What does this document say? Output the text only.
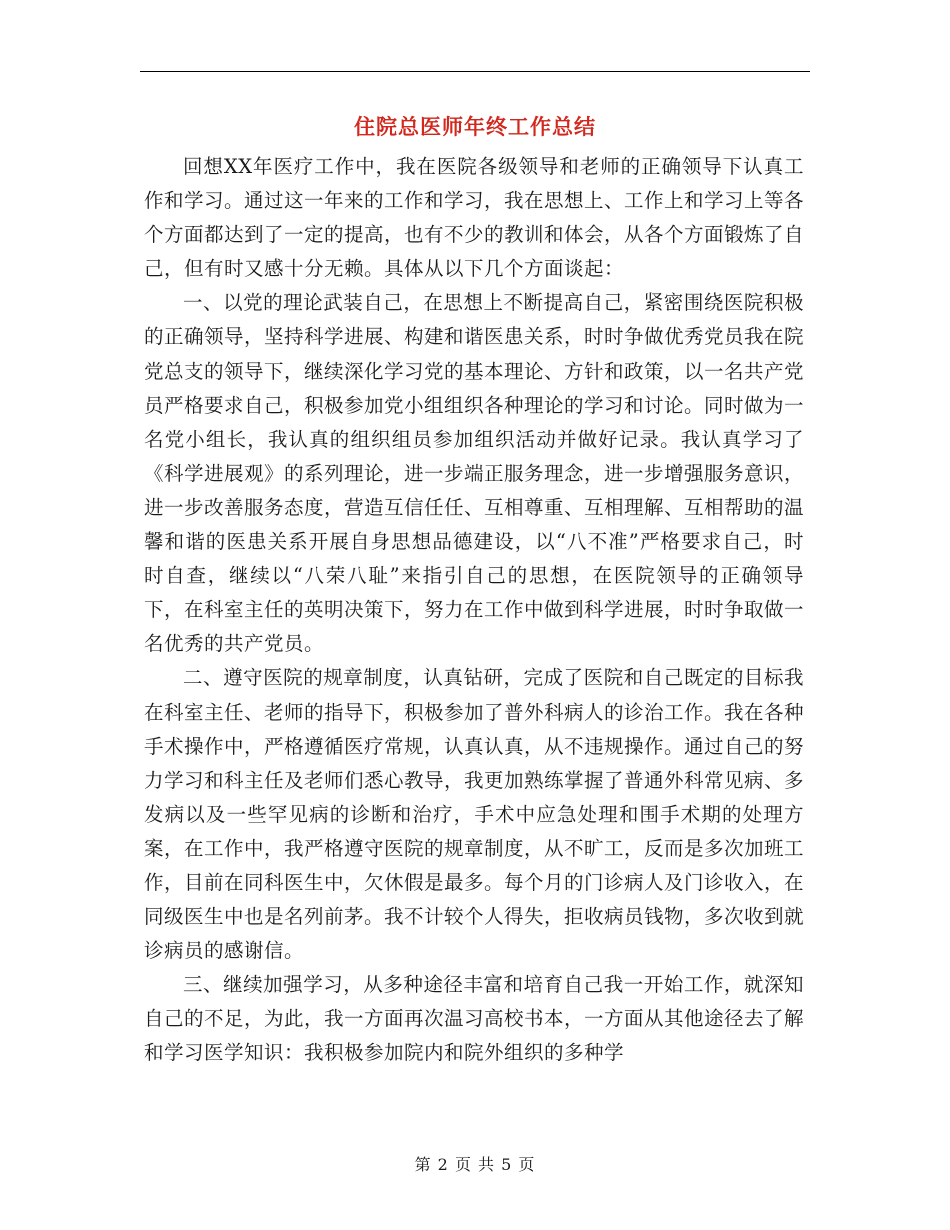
住院总医师年终工作总结

回想XX年医疗工作中，我在医院各级领导和老师的正确领导下认真工作和学习。通过这一年来的工作和学习，我在思想上、工作上和学习上等各个方面都达到了一定的提高，也有不少的教训和体会，从各个方面锻炼了自己，但有时又感十分无赖。具体从以下几个方面谈起：

一、以党的理论武装自己，在思想上不断提高自己，紧密围绕医院积极的正确领导，坚持科学进展、构建和谐医患关系，时时争做优秀党员我在院党总支的领导下，继续深化学习党的基本理论、方针和政策，以一名共产党员严格要求自己，积极参加党小组组织各种理论的学习和讨论。同时做为一名党小组长，我认真的组织组员参加组织活动并做好记录。我认真学习了《科学进展观》的系列理论，进一步端正服务理念，进一步增强服务意识，进一步改善服务态度，营造互信任任、互相尊重、互相理解、互相帮助的温馨和谐的医患关系开展自身思想品德建设，以“八不准”严格要求自己，时时自查，继续以“八荣八耻”来指引自己的思想，在医院领导的正确领导下，在科室主任的英明决策下，努力在工作中做到科学进展，时时争取做一名优秀的共产党员。

二、遵守医院的规章制度，认真钻研，完成了医院和自己既定的目标我在科室主任、老师的指导下，积极参加了普外科病人的诊治工作。我在各种手术操作中，严格遵循医疗常规，认真认真，从不违规操作。通过自己的努力学习和科主任及老师们悉心教导，我更加熟练掌握了普通外科常见病、多发病以及一些罕见病的诊断和治疗，手术中应急处理和围手术期的处理方案，在工作中，我严格遵守医院的规章制度，从不旷工，反而是多次加班工作，目前在同科医生中，欠休假是最多。每个月的门诊病人及门诊收入，在同级医生中也是名列前茅。我不计较个人得失，拒收病员钱物，多次收到就诊病员的感谢信。

三、继续加强学习，从多种途径丰富和培育自己我一开始工作，就深知自己的不足，为此，我一方面再次温习高校书本，一方面从其他途径去了解和学习医学知识：我积极参加院内和院外组织的多种学

第 2 页 共 5 页
